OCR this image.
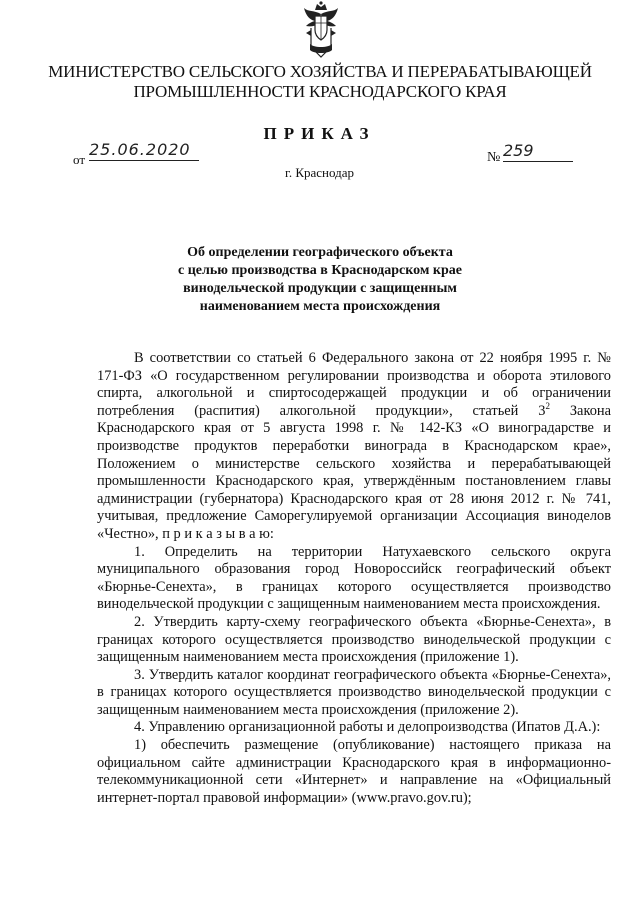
МИНИСТЕРСТВО СЕЛЬСКОГО ХОЗЯЙСТВА И ПЕРЕРАБАТЫВАЮЩЕЙ
ПРОМЫШЛЕННОСТИ КРАСНОДАРСКОГО КРАЯ
ПРИКАЗ
от
25.06.2020	№ 259
г. Краснодар
Об определении географического объекта
с целью производства в Краснодарском крае
винодельческой продукции с защищенным
наименованием места происхождения

В соответствии со статьей 6 Федерального закона от 22 ноября 1995 г. № 171-ФЗ «О государственном регулировании производства и оборота этилового спирта, алкогольной и спиртосодержащей продукции и об ограничении потребления (распития) алкогольной продукции», статьей $3^2$ Закона Краснодарского края от 5 августа 1998 г. № 142-КЗ «О виноградарстве и производстве продуктов переработки винограда в Краснодарском крае», Положением о министерстве сельского хозяйства и перерабатывающей промышленности Краснодарского края, утверждённым постановлением главы администрации (губернатора) Краснодарского края от 28 июня 2012 г. № 741, учитывая, предложение Саморегулируемой организации Ассоциация виноделов «Честно», п р и к а з ы в а ю:

1. Определить на территории Натухаевского сельского округа муниципального образования город Новороссийск географический объект «Бюрнье-Сенехта», в границах которого осуществляется производство винодельческой продукции с защищенным наименованием места происхождения.

2. Утвердить карту-схему географического объекта «Бюрнье-Сенехта», в границах которого осуществляется производство винодельческой продукции с защищенным наименованием места происхождения (приложение 1).

3. Утвердить каталог координат географического объекта «Бюрнье-Сенехта», в границах которого осуществляется производство винодельческой продукции с защищенным наименованием места происхождения (приложение 2).

4. Управлению организационной работы и делопроизводства (Ипатов Д.А.):

1) обеспечить размещение (опубликование) настоящего приказа на официальном сайте администрации Краснодарского края в информационно-телекоммуникационной сети «Интернет» и направление на «Официальный интернет-портал правовой информации» (www.pravo.gov.ru);
